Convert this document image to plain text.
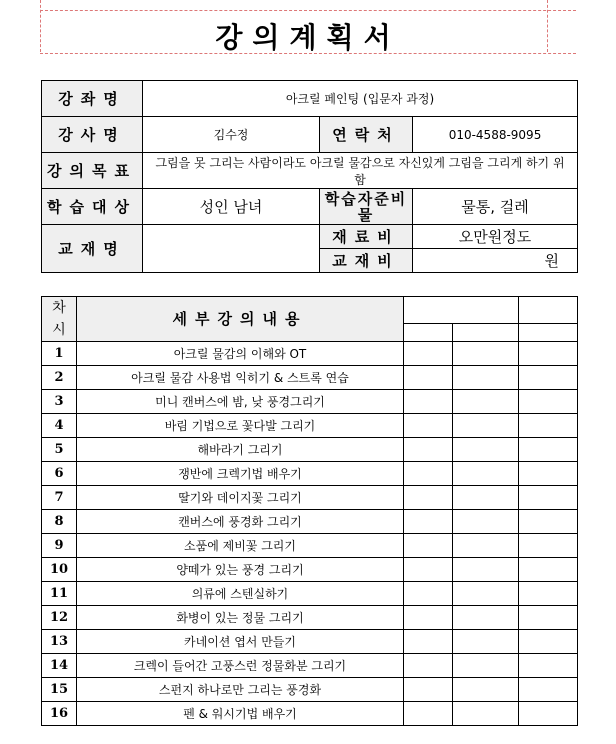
강의계획서
강좌명	아크릴 페인팅 (입문자 과정)		
강사명	김수정	연락처	010-4588-9095
강의목표	그림을 못 그리는 사람이라도 아크릴 물감으로 자신있게 그림을 그리게 하기 위함		
학습대상	성인 남녀	학습자준비물	물통, 걸레
교재명		재료비	오만원정도
		교재비	원
차시	세부강의내용			

1	아크릴 물감의 이해와 OT			
2	아크릴 물감 사용법 익히기 & 스트록 연습			
3	미니 캔버스에 밤, 낮 풍경그리기			
4	바림 기법으로 꽃다발 그리기			
5	해바라기 그리기			
6	쟁반에 크렉기법 배우기			
7	딸기와 데이지꽃 그리기			
8	캔버스에 풍경화 그리기			
9	소품에 제비꽃 그리기			
10	양떼가 있는 풍경 그리기			
11	의류에 스텐실하기			
12	화병이 있는 정물 그리기			
13	카네이션 엽서 만들기			
14	크렉이 들어간 고풍스런 정물화분 그리기			
15	스펀지 하나로만 그리는 풍경화			
16	펜 & 워시기법 배우기			
